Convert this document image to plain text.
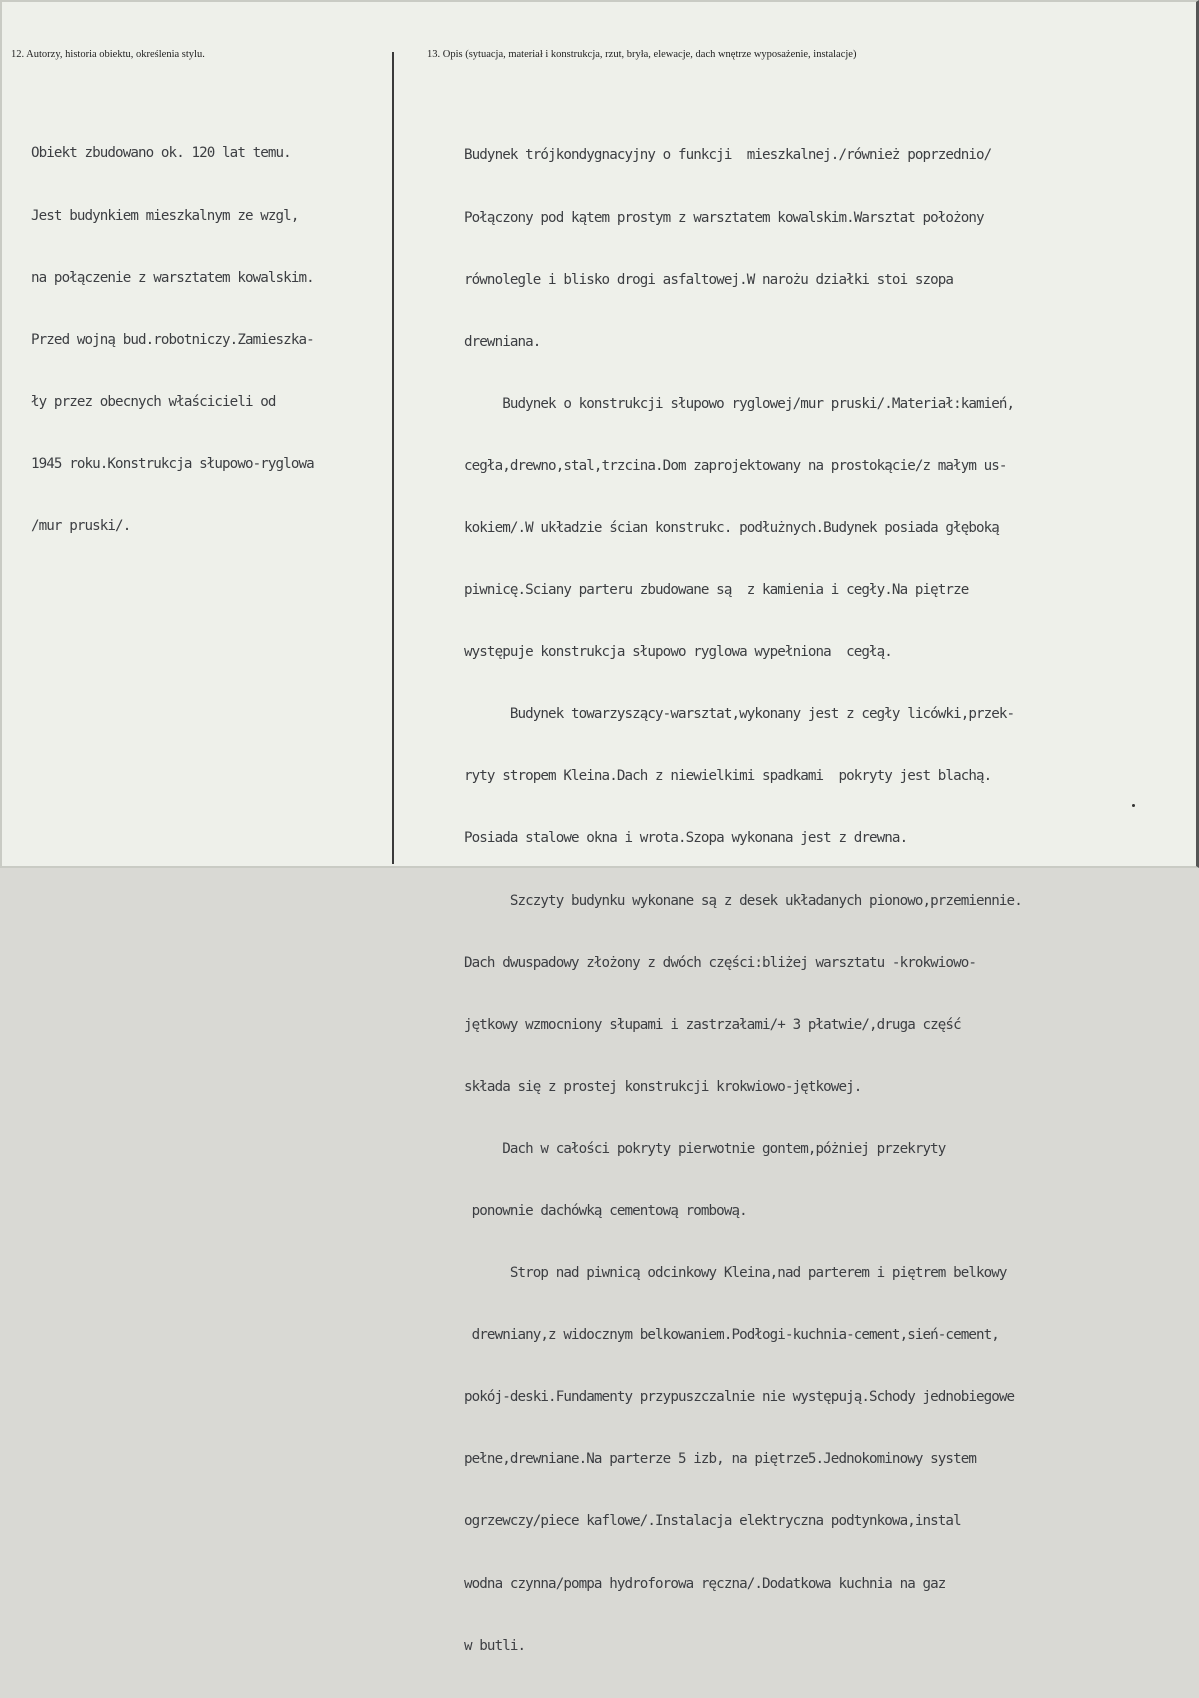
12. Autorzy, historia obiektu, określenia stylu.	13. Opis (sytuacja, materiał i konstrukcja, rzut, bryła, elewacje, dach wnętrze wyposażenie, instalacje)

Obiekt zbudowano ok. 120 lat temu.

Jest budynkiem mieszkalnym ze wzgl,

na połączenie z warsztatem kowalskim.

Przed wojną bud.robotniczy.Zamieszka-

ły przez obecnych właścicieli od

1945 roku.Konstrukcja słupowo-ryglowa

/mur pruski/.

Budynek trójkondygnacyjny o funkcji  mieszkalnej./również poprzednio/

Połączony pod kątem prostym z warsztatem kowalskim.Warsztat położony

równolegle i blisko drogi asfaltowej.W narożu działki stoi szopa

drewniana.

Budynek o konstrukcji słupowo ryglowej/mur pruski/.Materiał:kamień,

cegła,drewno,stal,trzcina.Dom zaprojektowany na prostokącie/z małym us-

kokiem/.W układzie ścian konstrukc. podłużnych.Budynek posiada głęboką

piwnicę.Sciany parteru zbudowane są  z kamienia i cegły.Na piętrze

występuje konstrukcja słupowo ryglowa wypełniona  cegłą.

Budynek towarzyszący-warsztat,wykonany jest z cegły licówki,przek-

ryty stropem Kleina.Dach z niewielkimi spadkami  pokryty jest blachą.

Posiada stalowe okna i wrota.Szopa wykonana jest z drewna.

Szczyty budynku wykonane są z desek układanych pionowo,przemiennie.

Dach dwuspadowy złożony z dwóch części:bliżej warsztatu -krokwiowo-

jętkowy wzmocniony słupami i zastrzałami/+ 3 płatwie/,druga część

składa się z prostej konstrukcji krokwiowo-jętkowej.

Dach w całości pokryty pierwotnie gontem,póżniej przekryty

ponownie dachówką cementową rombową.

Strop nad piwnicą odcinkowy Kleina,nad parterem i piętrem belkowy

drewniany,z widocznym belkowaniem.Podłogi-kuchnia-cement,sień-cement,

pokój-deski.Fundamenty przypuszczalnie nie występują.Schody jednobiegowe

pełne,drewniane.Na parterze 5 izb, na piętrze5.Jednokominowy system

ogrzewczy/piece kaflowe/.Instalacja elektryczna podtynkowa,instal

wodna czynna/pompa hydroforowa ręczna/.Dodatkowa kuchnia na gaz

w butli.
